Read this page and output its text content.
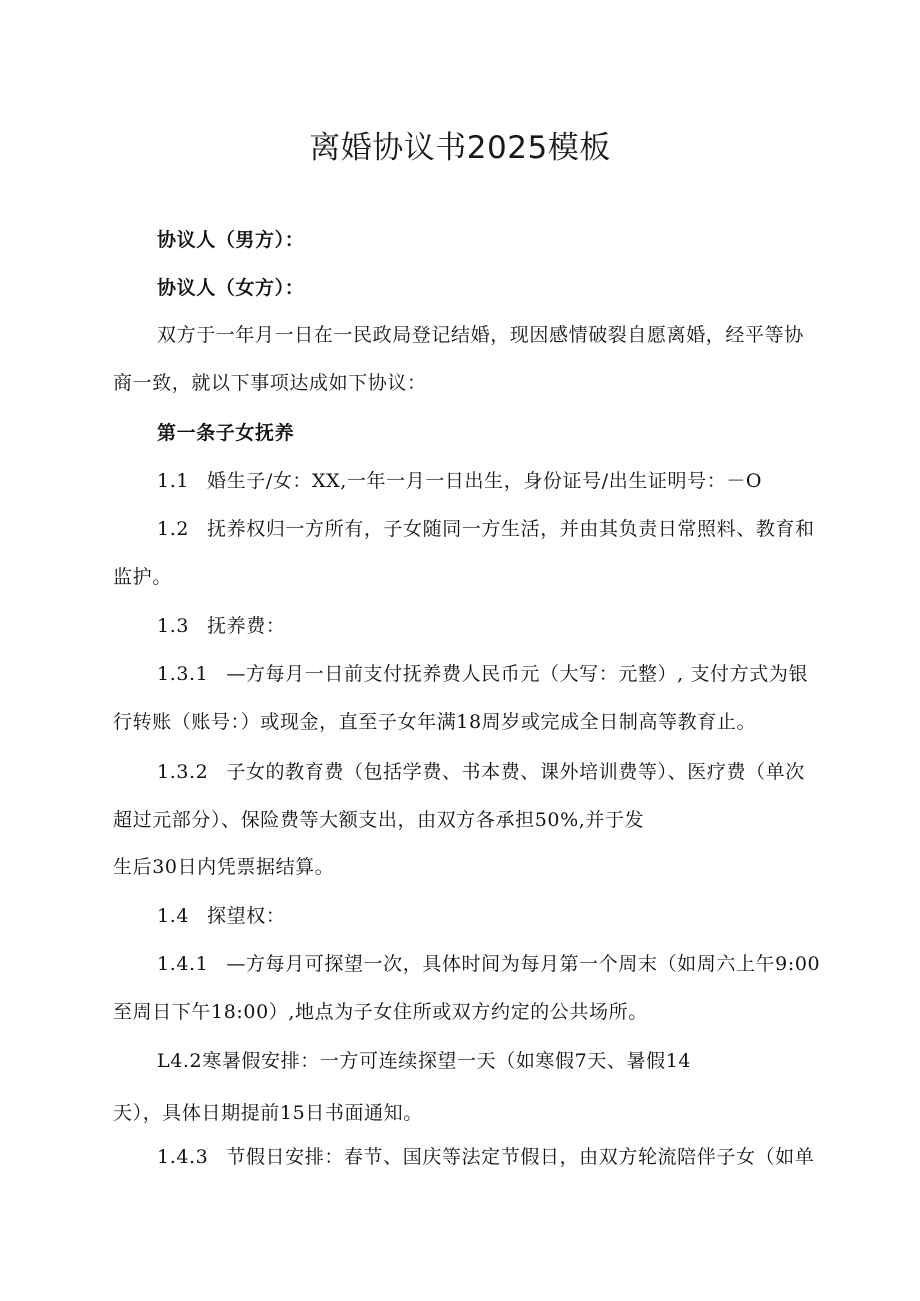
离婚协议书2025模板
协议人（男方）：
协议人（女方）：
双方于一年月一日在一民政局登记结婚，现因感情破裂自愿离婚，经平等协
商一致，就以下事项达成如下协议：
第一条子女抚养
1.1 婚生子/女：XX,一年一月一日出生，身份证号/出生证明号：－O
1.2 抚养权归一方所有，子女随同一方生活，并由其负责日常照料、教育和
监护。
1.3 抚养费：
1.3.1 —方每月一日前支付抚养费人民币元（大写：元整）, 支付方式为银
行转账（账号：）或现金，直至子女年满18周岁或完成全日制高等教育止。
1.3.2 子女的教育费（包括学费、书本费、课外培训费等）、医疗费（单次
超过元部分）、保险费等大额支出，由双方各承担50%,并于发
生后30日内凭票据结算。
1.4 探望权：
1.4.1 —方每月可探望一次，具体时间为每月第一个周末（如周六上午9:00
至周日下午18:00）,地点为子女住所或双方约定的公共场所。
L4.2寒暑假安排：一方可连续探望一天（如寒假7天、暑假14
天），具体日期提前15日书面通知。
1.4.3 节假日安排：春节、国庆等法定节假日，由双方轮流陪伴子女（如单
